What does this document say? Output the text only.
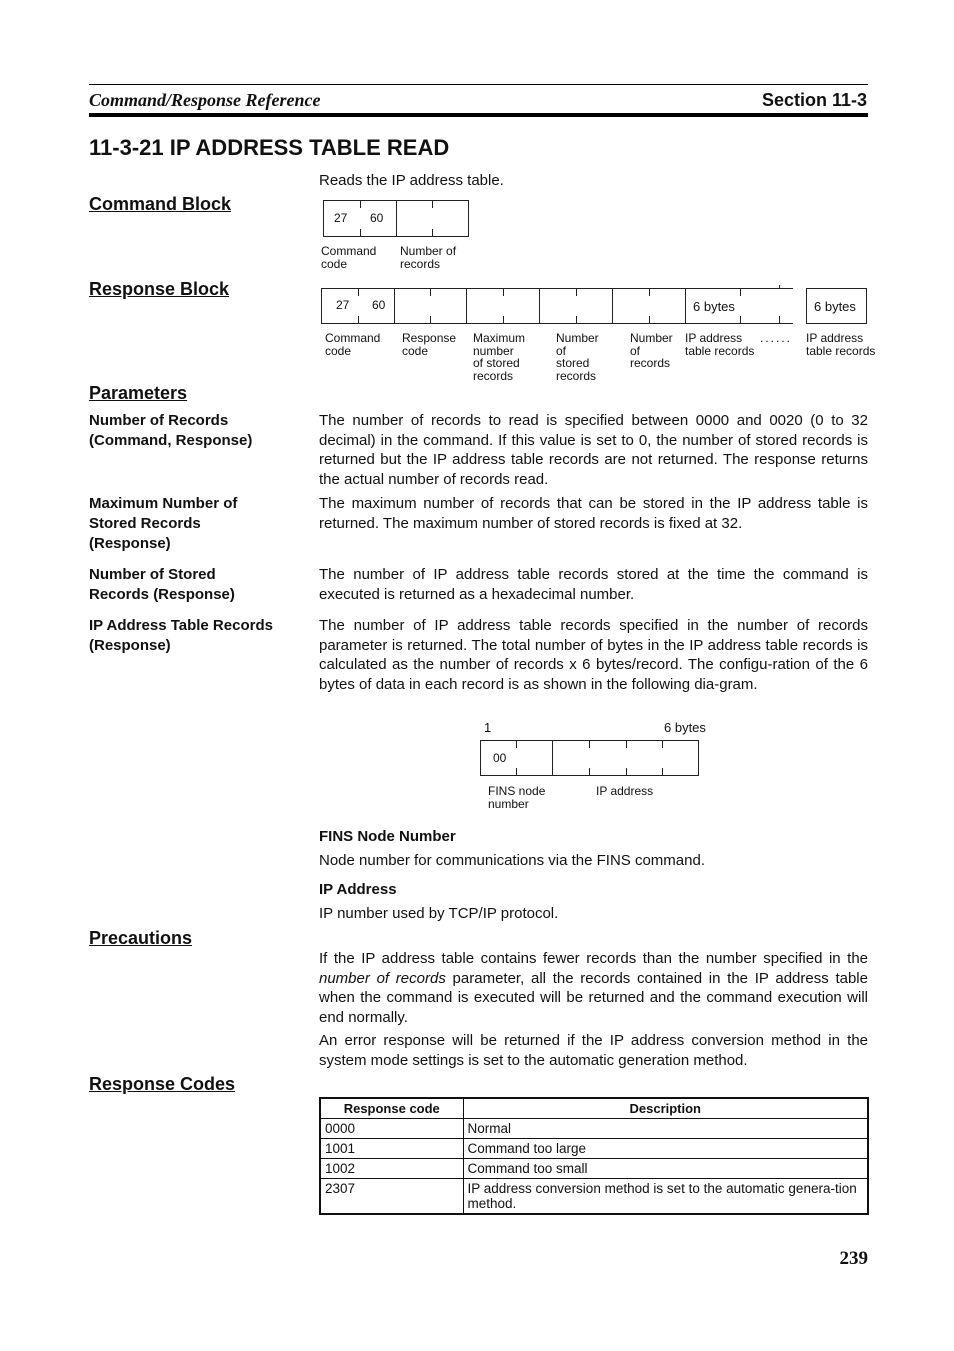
Command/Response Reference	Section 11-3
11-3-21 IP ADDRESS TABLE READ
Reads the IP address table.
Command Block
27 60
Command
code
Number of
records
Response Block
27 60	6 bytes	6 bytes
......
Command
code
Response
code
Maximum
number
of stored
records
Number
of
stored
records
Number
of
records
IP address
table records
IP address
table records
Parameters
Number of Records
(Command, Response)
The number of records to read is specified between 0000 and 0020 (0 to 32 decimal) in the command. If this value is set to 0, the number of stored records is returned but the IP address table records are not returned. The response returns the actual number of records read.
Maximum Number of
Stored Records
(Response)
The maximum number of records that can be stored in the IP address table is returned. The maximum number of stored records is fixed at 32.
Number of Stored
Records (Response)
The number of IP address table records stored at the time the command is executed is returned as a hexadecimal number.
IP Address Table Records
(Response)
The number of IP address table records specified in the number of records parameter is returned. The total number of bytes in the IP address table records is calculated as the number of records x 6 bytes/record. The configu-ration of the 6 bytes of data in each record is as shown in the following dia-gram.
1	6 bytes
00
FINS node
number
IP address
FINS Node Number
Node number for communications via the FINS command.
IP Address
IP number used by TCP/IP protocol.
Precautions
If the IP address table contains fewer records than the number specified in the number of records parameter, all the records contained in the IP address table when the command is executed will be returned and the command execution will end normally.
An error response will be returned if the IP address conversion method in the system mode settings is set to the automatic generation method.
Response Codes
Response code	Description
0000	Normal
1001	Command too large
1002	Command too small
2307	IP address conversion method is set to the automatic genera-tion method.
239
